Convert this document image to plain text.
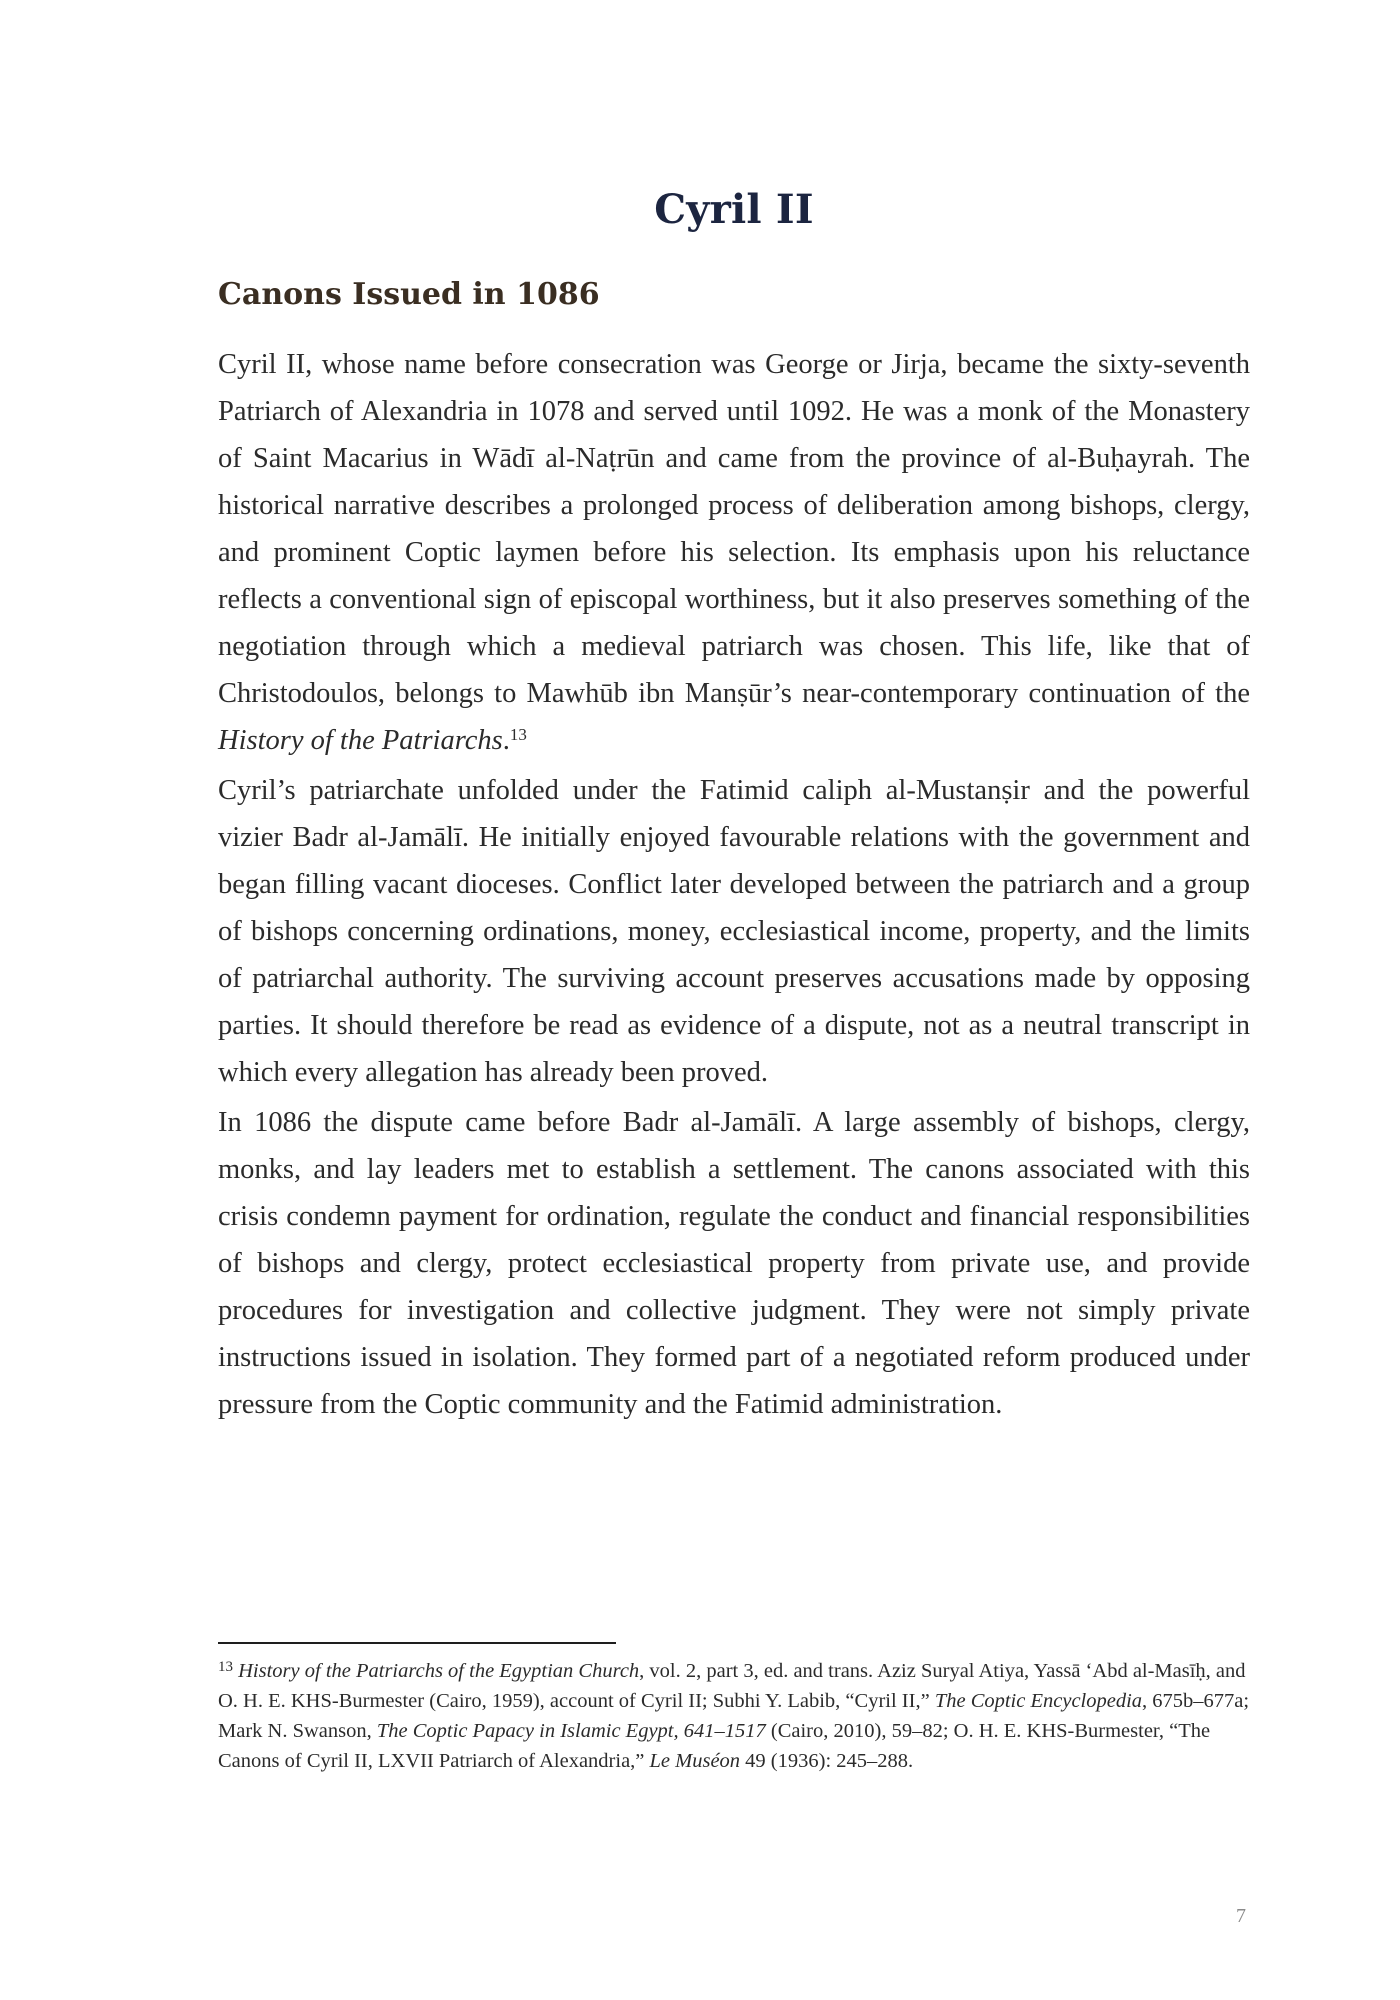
Cyril II
Canons Issued in 1086

Cyril II, whose name before consecration was George or Jirja, became the sixty-seventh Patriarch of Alexandria in 1078 and served until 1092. He was a monk of the Monastery of Saint Macarius in Wādī al-Naṭrūn and came from the province of al-Buḥayrah. The historical narrative describes a prolonged process of deliberation among bishops, clergy, and prominent Coptic laymen before his selection. Its emphasis upon his reluctance reflects a conventional sign of episcopal worthiness, but it also preserves something of the negotiation through which a medieval patriarch was chosen. This life, like that of Christodoulos, belongs to Mawhūb ibn Manṣūr’s near-contemporary continuation of the History of the Patriarchs.$^{13}$

Cyril’s patriarchate unfolded under the Fatimid caliph al-Mustanṣir and the powerful vizier Badr al-Jamālī. He initially enjoyed favourable relations with the government and began filling vacant dioceses. Conflict later developed between the patriarch and a group of bishops concerning ordinations, money, ecclesiastical income, property, and the limits of patriarchal authority. The surviving account preserves accusations made by opposing parties. It should therefore be read as evidence of a dispute, not as a neutral transcript in which every allegation has already been proved.

In 1086 the dispute came before Badr al-Jamālī. A large assembly of bishops, clergy, monks, and lay leaders met to establish a settlement. The canons associated with this crisis condemn payment for ordination, regulate the conduct and financial responsibilities of bishops and clergy, protect ecclesiastical property from private use, and provide procedures for investigation and collective judgment. They were not simply private instructions issued in isolation. They formed part of a negotiated reform produced under pressure from the Coptic community and the Fatimid administration.

$^{13}$ History of the Patriarchs of the Egyptian Church, vol. 2, part 3, ed. and trans. Aziz Suryal Atiya, Yassā ‘Abd al-Masīḥ, and O. H. E. KHS-Burmester (Cairo, 1959), account of Cyril II; Subhi Y. Labib, “Cyril II,” The Coptic Encyclopedia, 675b–677a; Mark N. Swanson, The Coptic Papacy in Islamic Egypt, 641–1517 (Cairo, 2010), 59–82; O. H. E. KHS-Burmester, “The Canons of Cyril II, LXVII Patriarch of Alexandria,” Le Muséon 49 (1936): 245–288.

7
